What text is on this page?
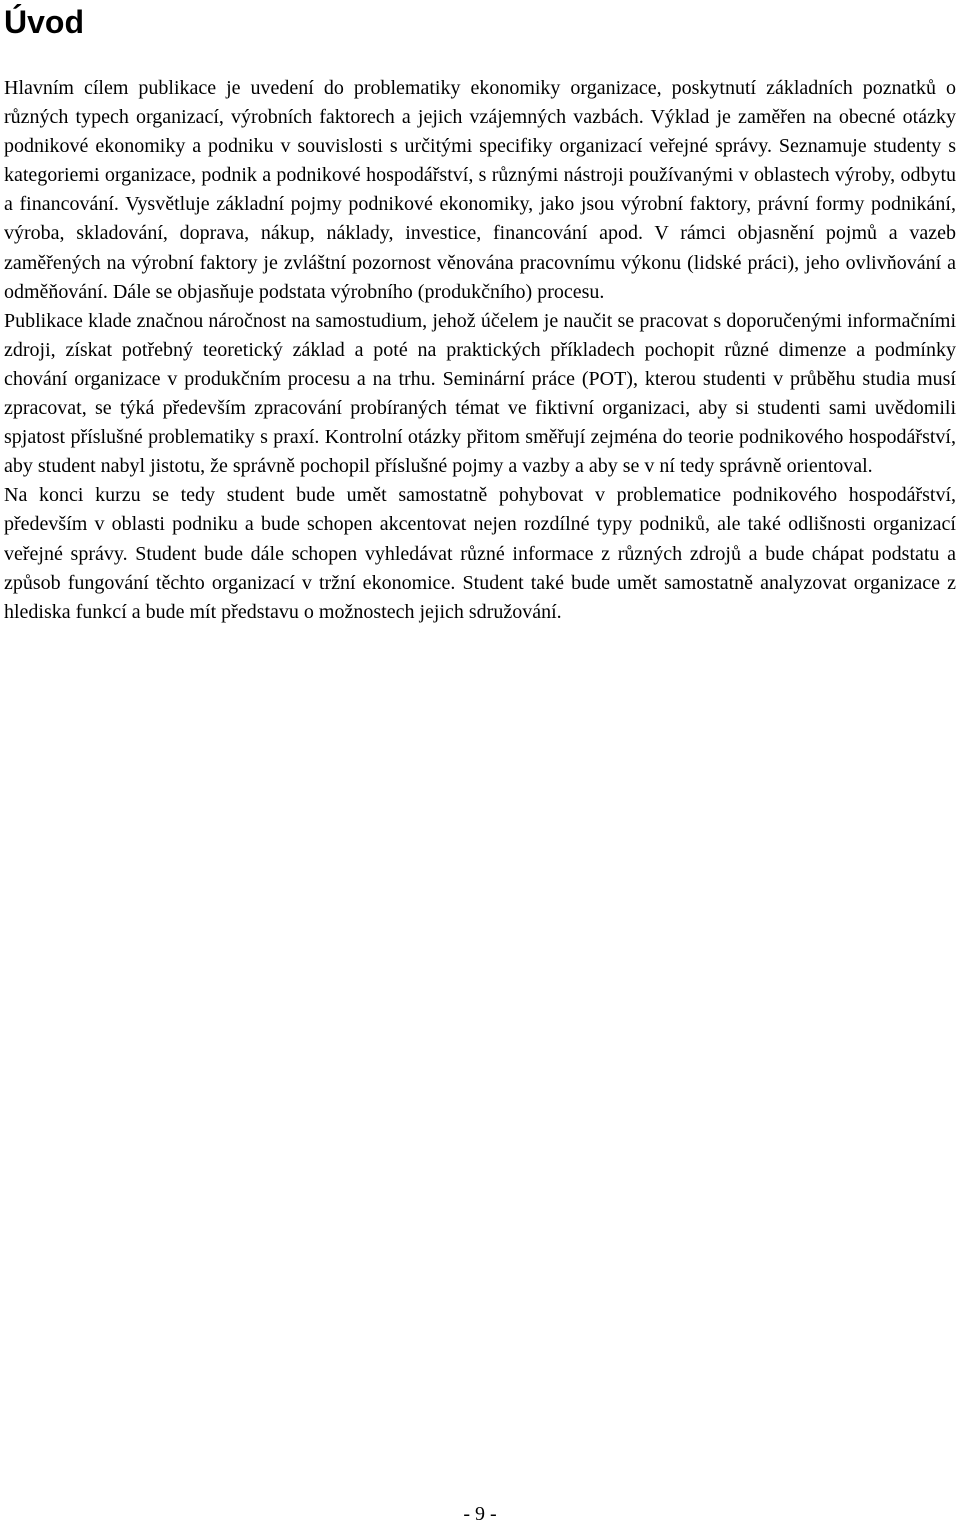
Úvod

Hlavním cílem publikace je uvedení do problematiky ekonomiky organizace, poskytnutí základních poznatků o různých typech organizací, výrobních faktorech a jejich vzájemných vazbách. Výklad je zaměřen na obecné otázky podnikové ekonomiky a podniku v souvislosti s určitými specifiky organizací veřejné správy. Seznamuje studenty s kategoriemi organizace, podnik a podnikové hospodářství, s různými nástroji používanými v oblastech výroby, odbytu a financování. Vysvětluje základní pojmy podnikové ekonomiky, jako jsou výrobní faktory, právní formy podnikání, výroba, skladování, doprava, nákup, náklady, investice, financování apod. V rámci objasnění pojmů a vazeb zaměřených na výrobní faktory je zvláštní pozornost věnována pracovnímu výkonu (lidské práci), jeho ovlivňování a odměňování. Dále se objasňuje podstata výrobního (produkčního) procesu.

Publikace klade značnou náročnost na samostudium, jehož účelem je naučit se pracovat s doporučenými informačními zdroji, získat potřebný teoretický základ a poté na praktických příkladech pochopit různé dimenze a podmínky chování organizace v produkčním procesu a na trhu. Seminární práce (POT), kterou studenti v průběhu studia musí zpracovat, se týká především zpracování probíraných témat ve fiktivní organizaci, aby si studenti sami uvědomili spjatost příslušné problematiky s praxí. Kontrolní otázky přitom směřují zejména do teorie podnikového hospodářství, aby student nabyl jistotu, že správně pochopil příslušné pojmy a vazby a aby se v ní tedy správně orientoval.

Na konci kurzu se tedy student bude umět samostatně pohybovat v problematice podnikového hospodářství, především v oblasti podniku a bude schopen akcentovat nejen rozdílné typy podniků, ale také odlišnosti organizací veřejné správy. Student bude dále schopen vyhledávat různé informace z různých zdrojů a bude chápat podstatu a způsob fungování těchto organizací v tržní ekonomice. Student také bude umět samostatně analyzovat organizace z hlediska funkcí a bude mít představu o možnostech jejich sdružování.

- 9 -
